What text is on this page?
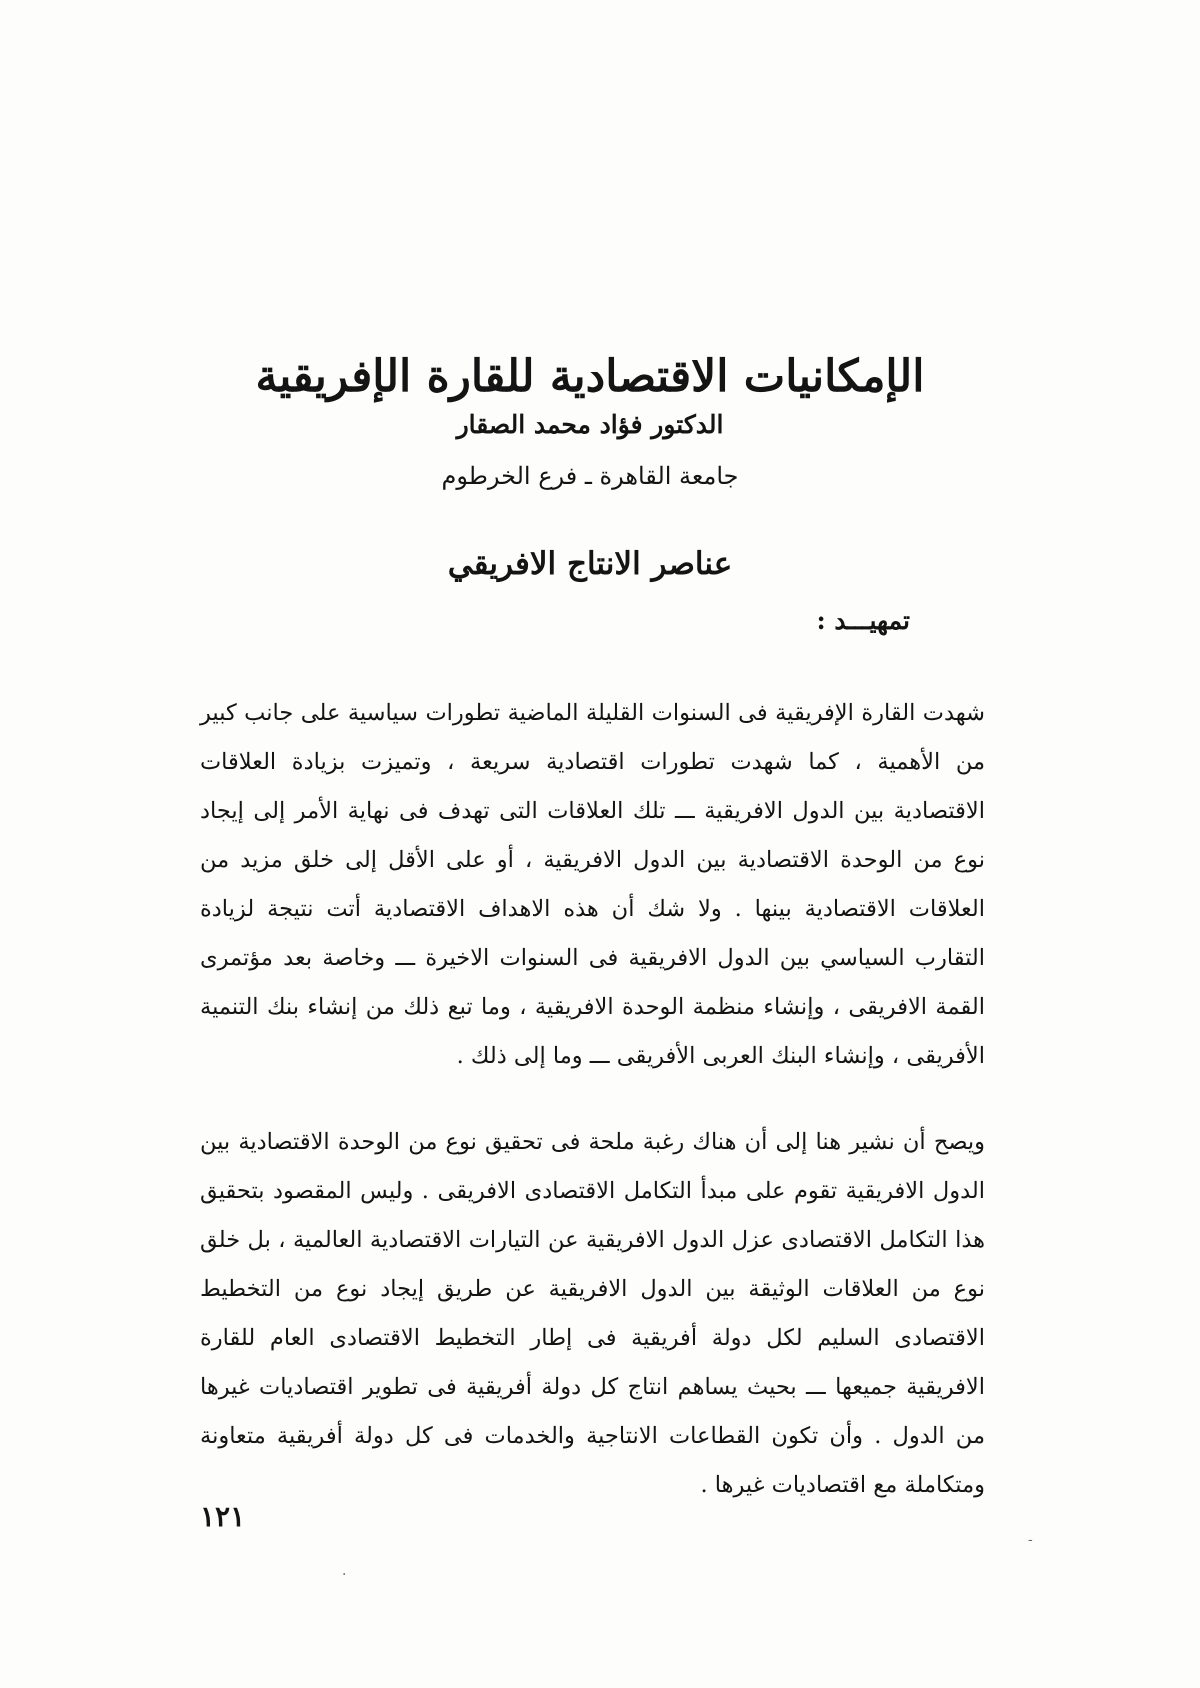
الإمكانيات الاقتصادية للقارة الإفريقية
الدكتور فؤاد محمد الصقار
جامعة القاهرة ـ فرع الخرطوم
عناصر الانتاج الافريقي
تمهيـــد :

شهدت القارة الإفريقية فى السنوات القليلة الماضية تطورات سياسية على جانب كبير من الأهمية ، كما شهدت تطورات اقتصادية سريعة ، وتميزت بزيادة العلاقات الاقتصادية بين الدول الافريقية ـــ تلك العلاقات التى تهدف فى نهاية الأمر إلى إيجاد نوع من الوحدة الاقتصادية بين الدول الافريقية ، أو على الأقل إلى خلق مزيد من العلاقات الاقتصادية بينها . ولا شك أن هذه الاهداف الاقتصادية أتت نتيجة لزيادة التقارب السياسي بين الدول الافريقية فى السنوات الاخيرة ـــ وخاصة بعد مؤتمرى القمة الافريقى ، وإنشاء منظمة الوحدة الافريقية ، وما تبع ذلك من إنشاء بنك التنمية الأفريقى ، وإنشاء البنك العربى الأفريقى ـــ وما إلى ذلك .

ويصح أن نشير هنا إلى أن هناك رغبة ملحة فى تحقيق نوع من الوحدة الاقتصادية بين الدول الافريقية تقوم على مبدأ التكامل الاقتصادى الافريقى . وليس المقصود بتحقيق هذا التكامل الاقتصادى عزل الدول الافريقية عن التيارات الاقتصادية العالمية ، بل خلق نوع من العلاقات الوثيقة بين الدول الافريقية عن طريق إيجاد نوع من التخطيط الاقتصادى السليم لكل دولة أفريقية فى إطار التخطيط الاقتصادى العام للقارة الافريقية جميعها ـــ بحيث يساهم انتاج كل دولة أفريقية فى تطوير اقتصاديات غيرها من الدول . وأن تكون القطاعات الانتاجية والخدمات فى كل دولة أفريقية متعاونة ومتكاملة مع اقتصاديات غيرها .

١٢١
-
·
